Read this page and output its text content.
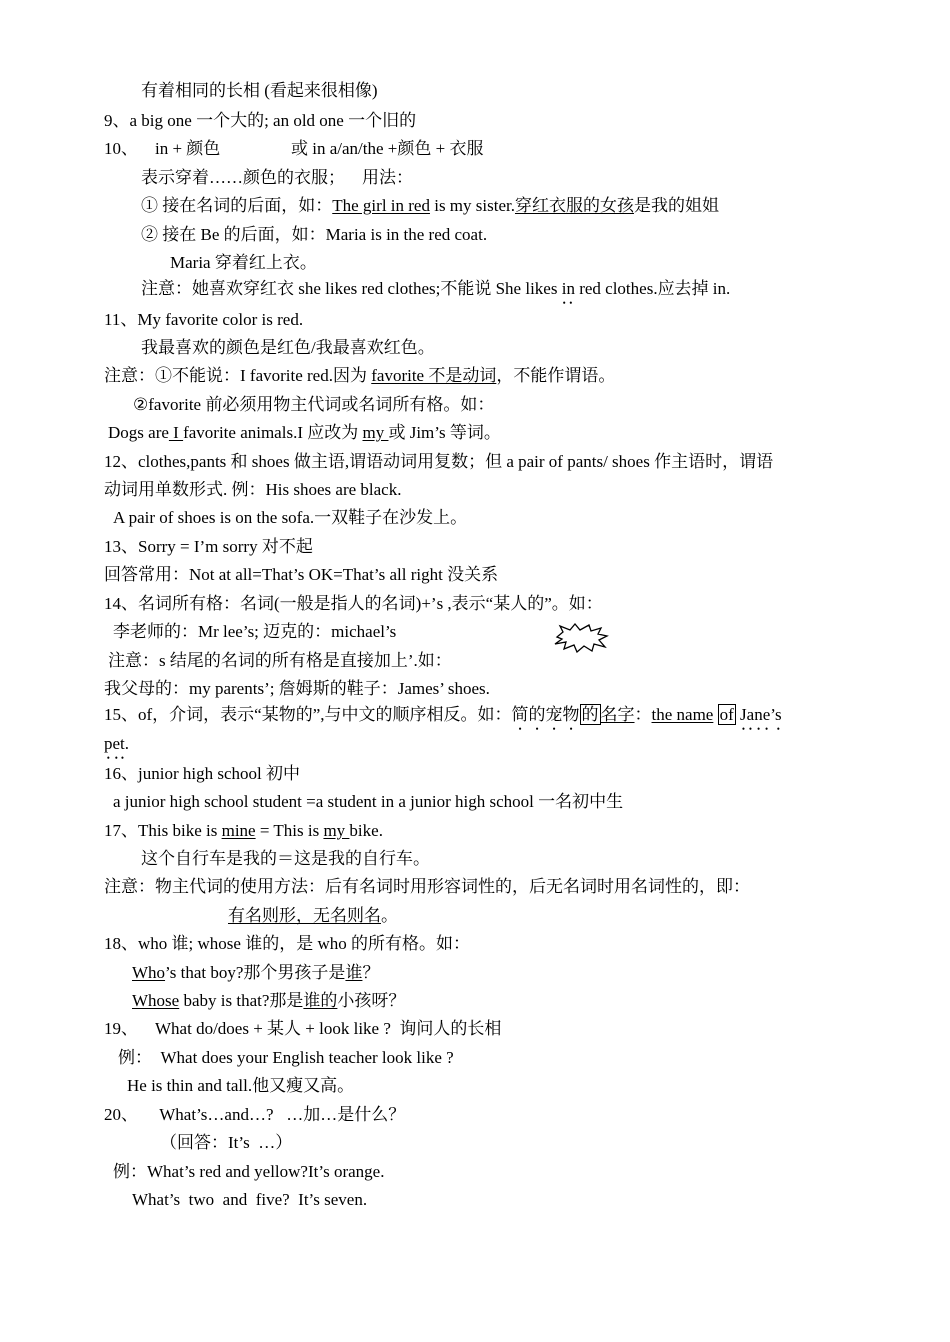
有着相同的长相 (看起来很相像)
9、a big one 一个大的; an old one 一个旧的
10、    in + 颜色	或 in a/an/the +颜色 + 衣服
表示穿着……颜色的衣服；    用法：
① 接在名词的后面，如：The girl in red is my sister.穿红衣服的女孩是我的姐姐
② 接在 Be 的后面，如：Maria is in the red coat.
Maria 穿着红上衣。
注意：她喜欢穿红衣 she likes red clothes;不能说 She likes in red clothes.应去掉 in.
11、My favorite color is red.
我最喜欢的颜色是红色/我最喜欢红色。
注意：①不能说：I favorite red.因为 favorite 不是动词，不能作谓语。
②favorite 前必须用物主代词或名词所有格。如：
Dogs are I favorite animals.I 应改为 my 或 Jim’s 等词。
12、clothes,pants 和 shoes 做主语,谓语动词用复数；但 a pair of pants/ shoes 作主语时，谓语
动词用单数形式. 例：His shoes are black.
A pair of shoes is on the sofa.一双鞋子在沙发上。
13、Sorry = I’m sorry 对不起
回答常用：Not at all=That’s OK=That’s all right 没关系
14、名词所有格：名词(一般是指人的名词)+’s ,表示“某人的”。如：
李老师的：Mr lee’s; 迈克的：michael’s
注意：s 结尾的名词的所有格是直接加上’.如：
我父母的：my parents’; 詹姆斯的鞋子：James’ shoes.
15、of，介词，表示“某物的”,与中文的顺序相反。如：简的宠物 的 名字：the name of Jane’s
pet.
16、junior high school 初中
a junior high school student =a student in a junior high school 一名初中生
17、This bike is mine = This is my bike.
这个自行车是我的＝这是我的自行车。
注意：物主代词的使用方法：后有名词时用形容词性的，后无名词时用名词性的，即：
有名则形，无名则名。
18、who 谁; whose 谁的，是 who 的所有格。如：
Who’s that boy?那个男孩子是谁？
Whose baby is that?那是谁的小孩呀？
19、    What do/does + 某人 + look like ?  询问人的长相
例：  What does your English teacher look like ?
He is thin and tall.他又瘦又高。
20、     What’s…and…?   …加…是什么？
（回答：It’s  …）
例：What’s red and yellow?It’s orange.
What’s  two  and  five?  It’s seven.
